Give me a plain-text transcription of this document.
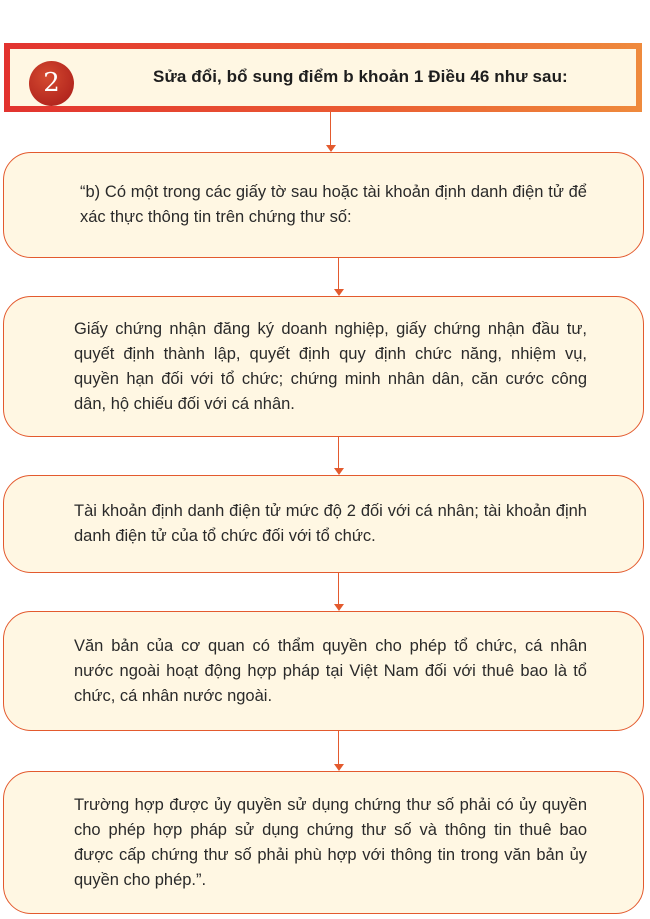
2	Sửa đổi, bổ sung điểm b khoản 1 Điều 46 như sau:

“b) Có một trong các giấy tờ sau hoặc tài khoản định danh điện tử để xác thực thông tin trên chứng thư số:

Giấy chứng nhận đăng ký doanh nghiệp, giấy chứng nhận đầu tư, quyết định thành lập, quyết định quy định chức năng, nhiệm vụ, quyền hạn đối với tổ chức; chứng minh nhân dân, căn cước công dân, hộ chiếu đối với cá nhân.

Tài khoản định danh điện tử mức độ 2 đối với cá nhân; tài khoản định danh điện tử của tổ chức đối với tổ chức.

Văn bản của cơ quan có thẩm quyền cho phép tổ chức, cá nhân nước ngoài hoạt động hợp pháp tại Việt Nam đối với thuê bao là tổ chức, cá nhân nước ngoài.

Trường hợp được ủy quyền sử dụng chứng thư số phải có ủy quyền cho phép hợp pháp sử dụng chứng thư số và thông tin thuê bao được cấp chứng thư số phải phù hợp với thông tin trong văn bản ủy quyền cho phép.”.
